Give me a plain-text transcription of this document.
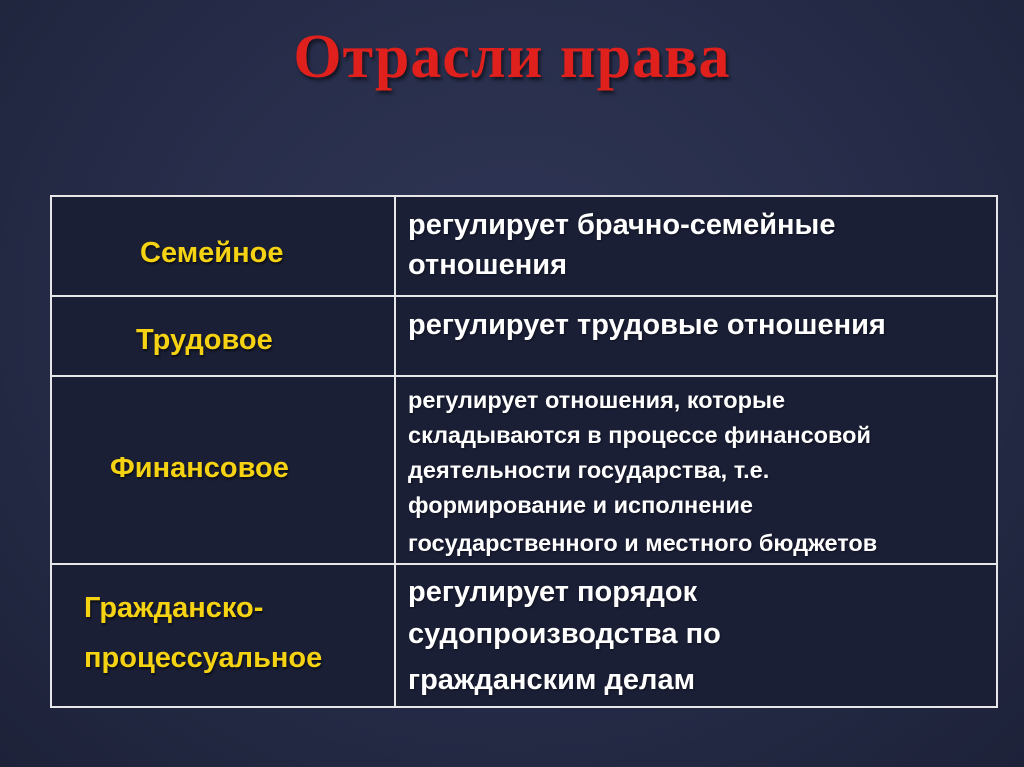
Отрасли права
Семейное	регулирует брачно-семейные
отношения

Трудовое	регулирует трудовые отношения

Финансовое	регулирует отношения, которые
складываются в процессе финансовой
деятельности государства, т.е.
формирование и исполнение
государственного и местного бюджетов

Гражданско-
процессуальное	регулирует порядок
судопроизводства по
гражданским делам
